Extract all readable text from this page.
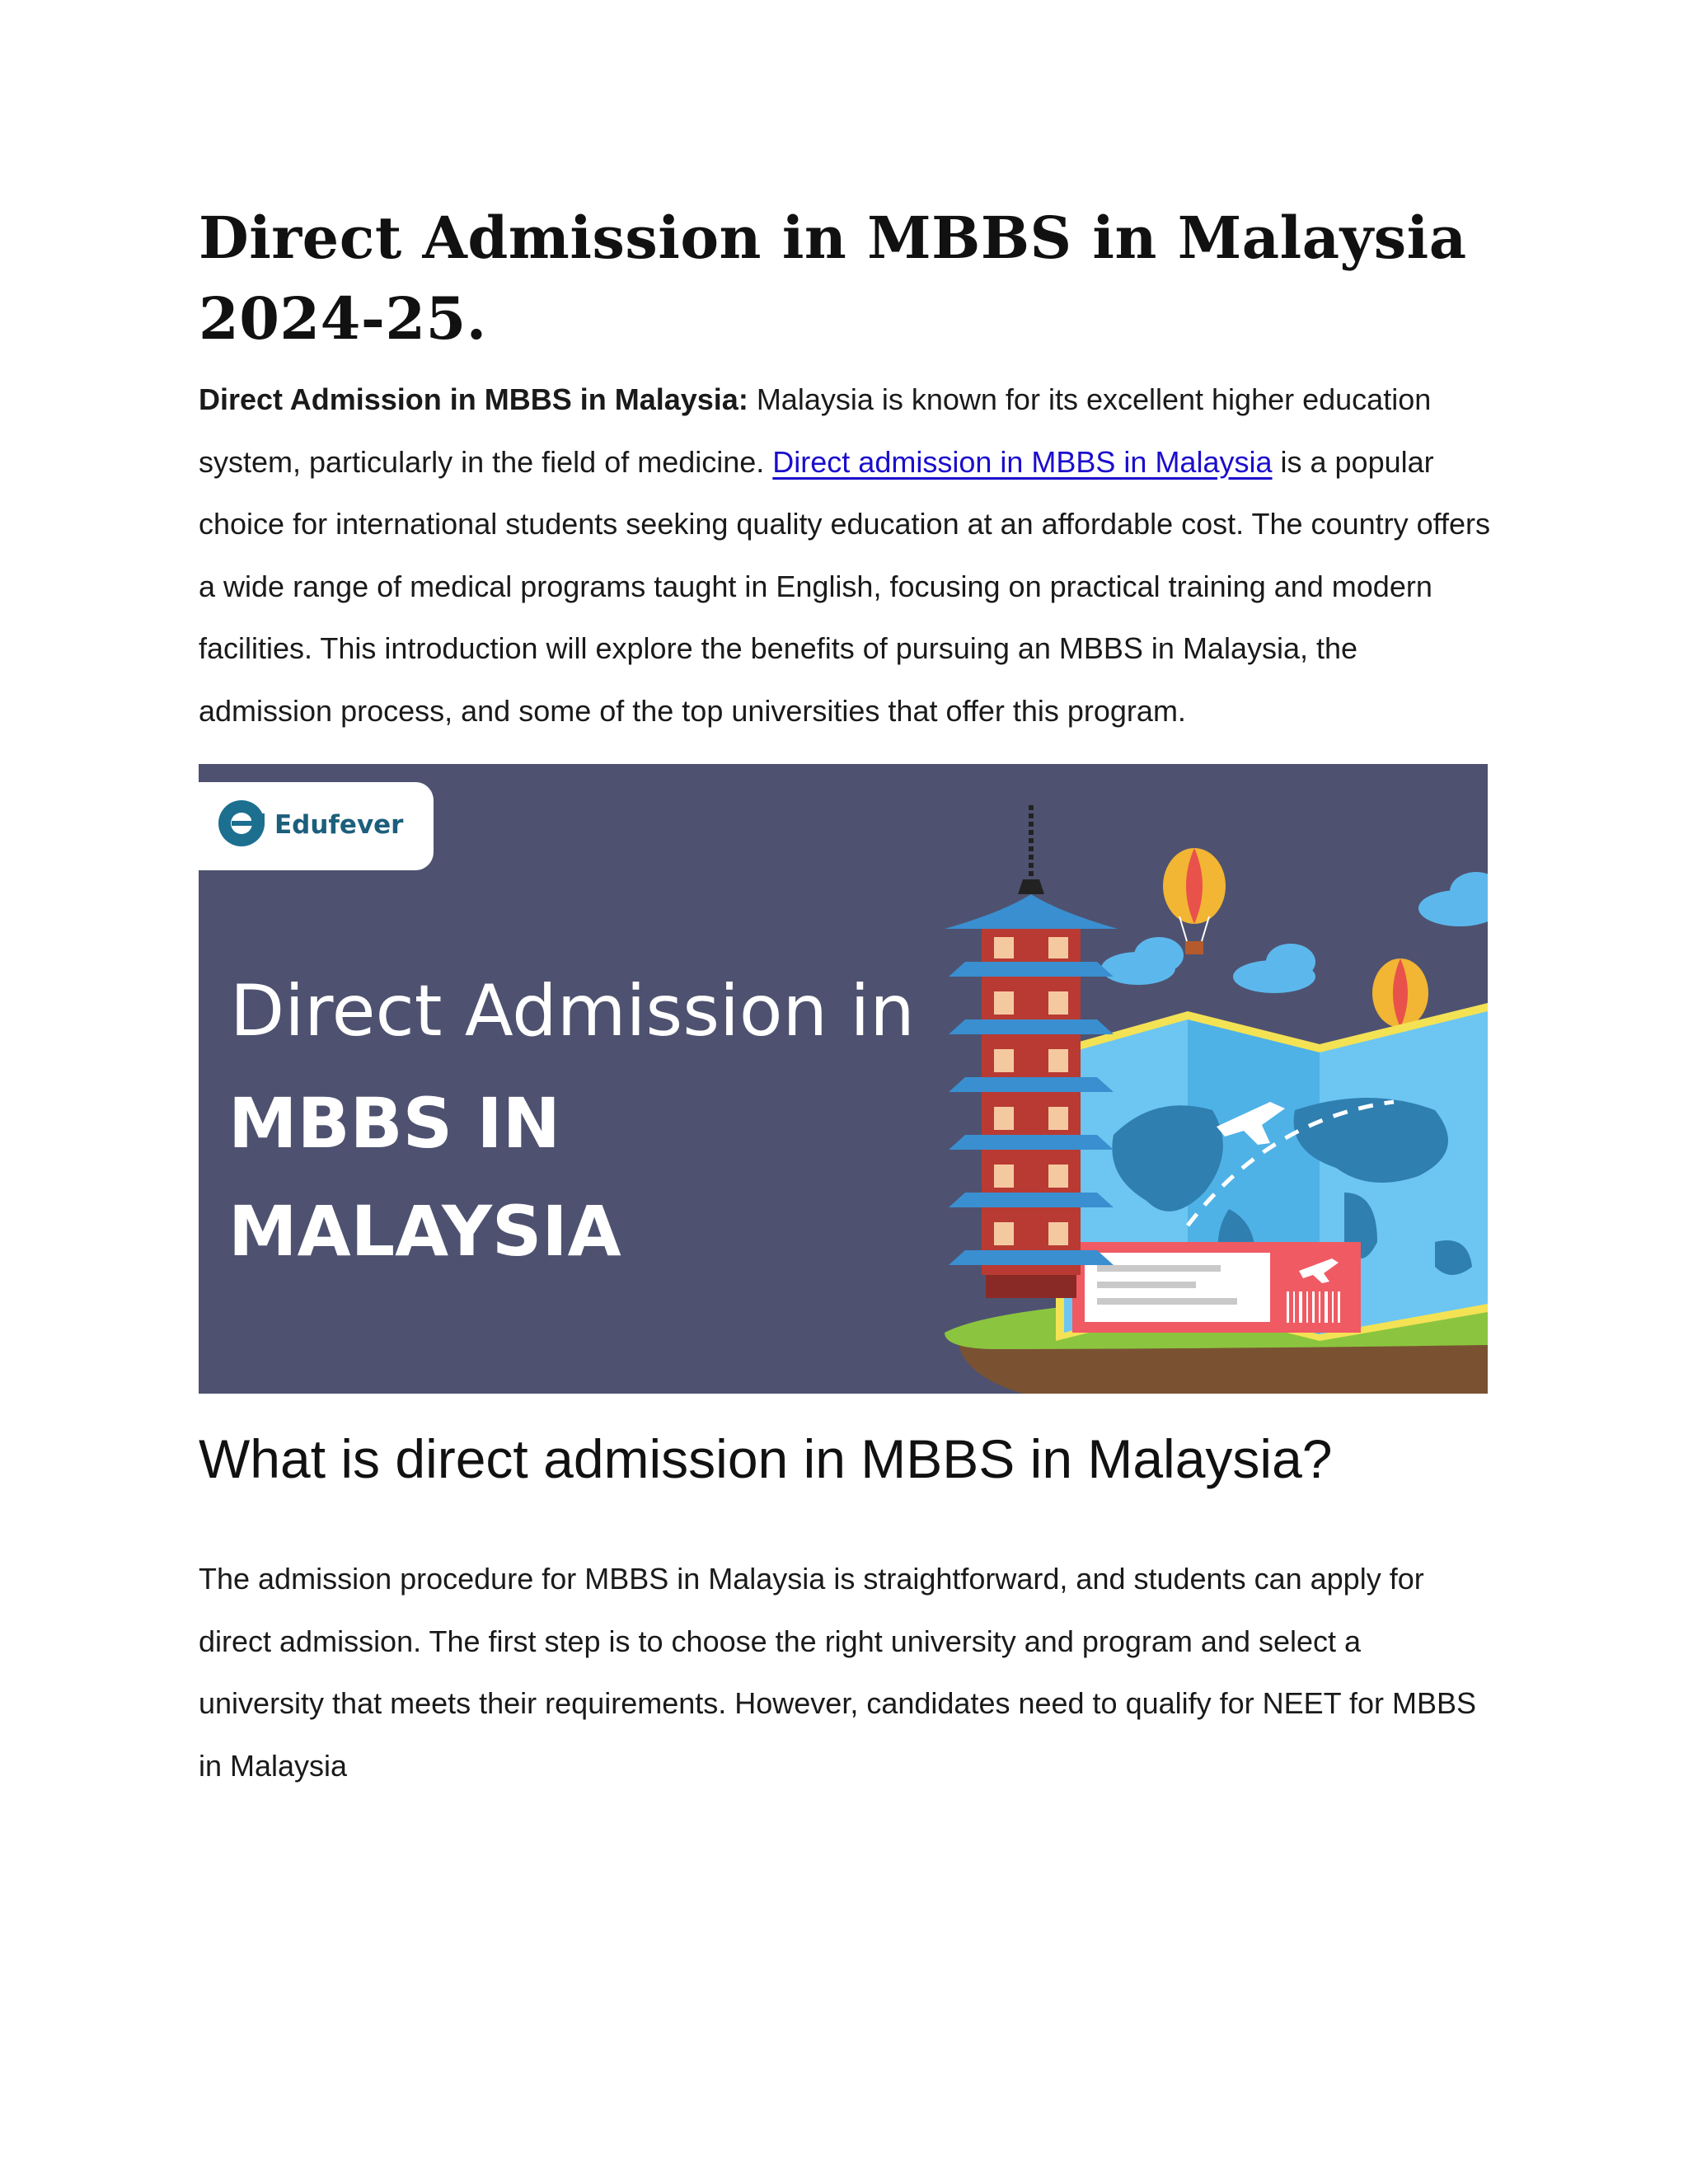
Direct Admission in MBBS in Malaysia 2024-25.

Direct Admission in MBBS in Malaysia: Malaysia is known for its excellent higher education system, particularly in the field of medicine. Direct admission in MBBS in Malaysia is a popular choice for international students seeking quality education at an affordable cost. The country offers a wide range of medical programs taught in English, focusing on practical training and modern facilities. This introduction will explore the benefits of pursuing an MBBS in Malaysia, the admission process, and some of the top universities that offer this program.

Edufever
Direct Admission in
MBBS IN
MALAYSIA
What is direct admission in MBBS in Malaysia?

The admission procedure for MBBS in Malaysia is straightforward, and students can apply for direct admission. The first step is to choose the right university and program and select a university that meets their requirements. However, candidates need to qualify for NEET for MBBS in Malaysia
